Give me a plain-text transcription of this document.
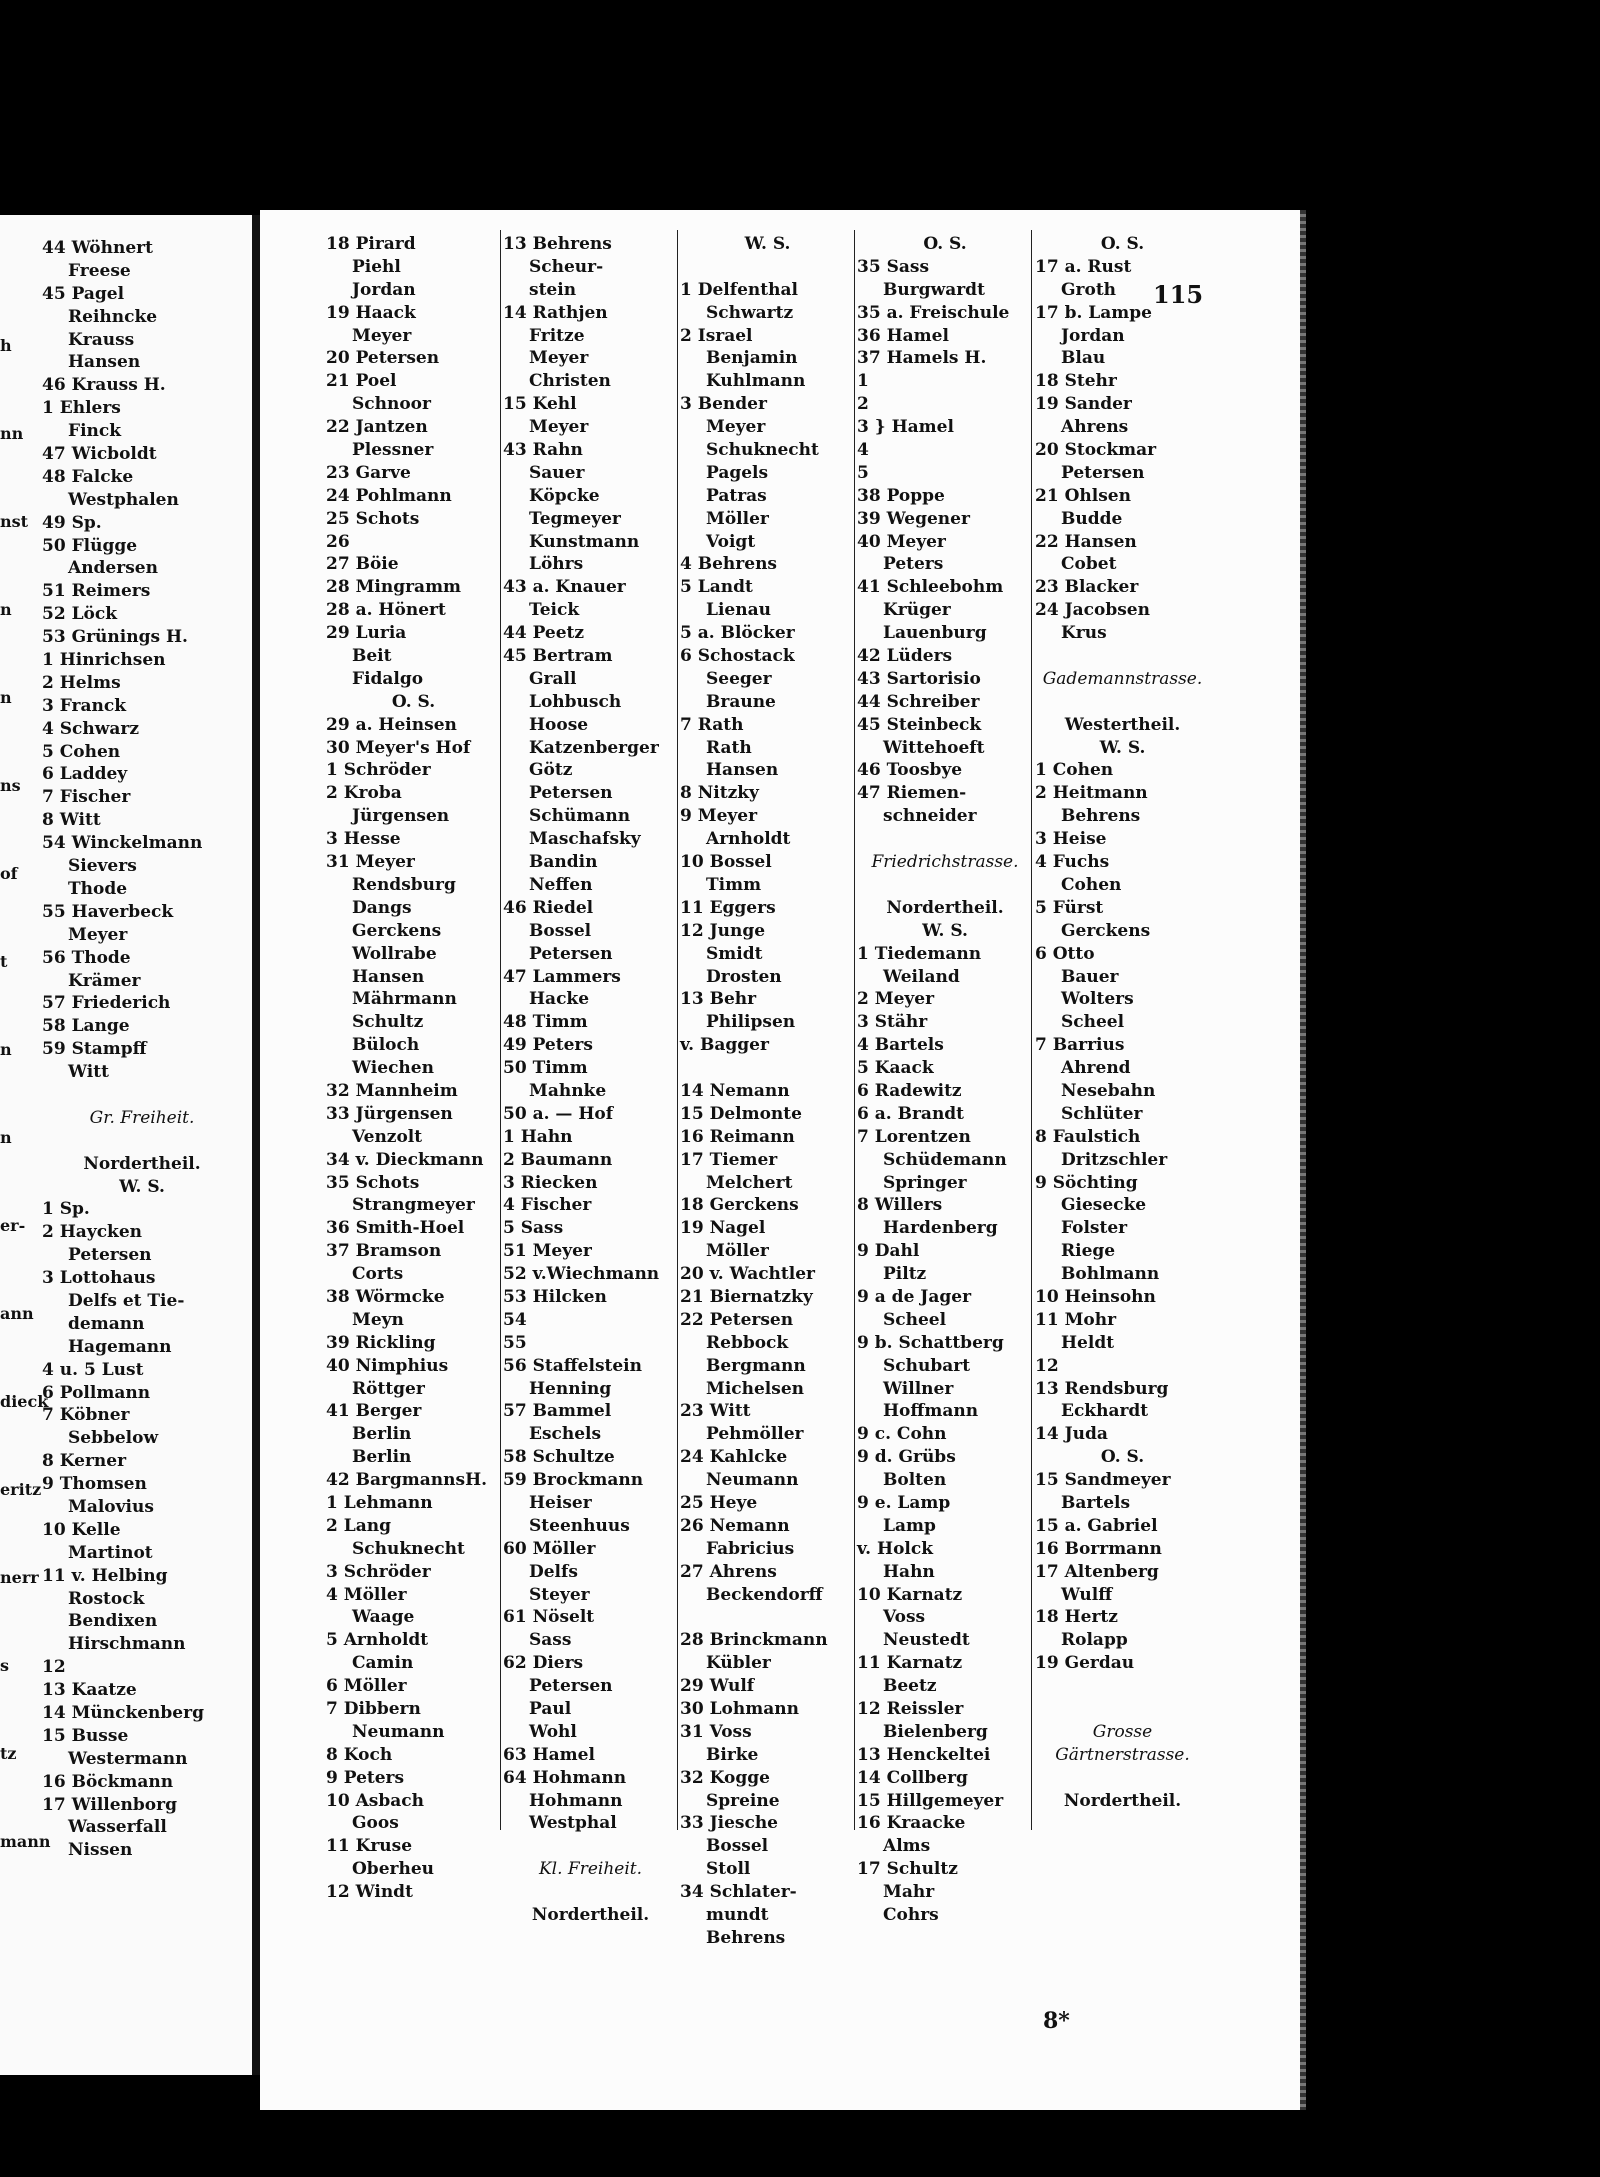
h
nn
nst
n
n
ns
of
t
n
n
er-
ann
dieck
eritz
nerr
s
tz
mann
44 Wöhnert
Freese
45 Pagel
Reihncke
Krauss
Hansen
46 Krauss H.
1 Ehlers
Finck
47 Wicboldt
48 Falcke
Westphalen
49 Sp.
50 Flügge
Andersen
51 Reimers
52 Löck
53 Grünings H.
1 Hinrichsen
2 Helms
3 Franck
4 Schwarz
5 Cohen
6 Laddey
7 Fischer
8 Witt
54 Winckelmann
Sievers
Thode
55 Haverbeck
Meyer
56 Thode
Krämer
57 Friederich
58 Lange
59 Stampff
Witt
Gr. Freiheit.
Nordertheil.
W. S.
1 Sp.
2 Haycken
Petersen
3 Lottohaus
Delfs et Tie-
demann
Hagemann
4 u. 5 Lust
6 Pollmann
7 Köbner
Sebbelow
8 Kerner
9 Thomsen
Malovius
10 Kelle
Martinot
11 v. Helbing
Rostock
Bendixen
Hirschmann
12
13 Kaatze
14 Münckenberg
15 Busse
Westermann
16 Böckmann
17 Willenborg
Wasserfall
Nissen
18 Pirard
Piehl
Jordan
19 Haack
Meyer
20 Petersen
21 Poel
Schnoor
22 Jantzen
Plessner
23 Garve
24 Pohlmann
25 Schots
26
27 Böie
28 Mingramm
28 a. Hönert
29 Luria
Beit
Fidalgo
O. S.
29 a. Heinsen
30 Meyer's Hof
1 Schröder
2 Kroba
Jürgensen
3 Hesse
31 Meyer
Rendsburg
Dangs
Gerckens
Wollrabe
Hansen
Mährmann
Schultz
Büloch
Wiechen
32 Mannheim
33 Jürgensen
Venzolt
34 v. Dieckmann
35 Schots
Strangmeyer
36 Smith-Hoel
37 Bramson
Corts
38 Wörmcke
Meyn
39 Rickling
40 Nimphius
Röttger
41 Berger
Berlin
Berlin
42 BargmannsH.
1 Lehmann
2 Lang
Schuknecht
3 Schröder
4 Möller
Waage
5 Arnholdt
Camin
6 Möller
7 Dibbern
Neumann
8 Koch
9 Peters
10 Asbach
Goos
11 Kruse
Oberheu
12 Windt
13 Behrens
Scheur-
stein
14 Rathjen
Fritze
Meyer
Christen
15 Kehl
Meyer
43 Rahn
Sauer
Köpcke
Tegmeyer
Kunstmann
Löhrs
43 a. Knauer
Teick
44 Peetz
45 Bertram
Grall
Lohbusch
Hoose
Katzenberger
Götz
Petersen
Schümann
Maschafsky
Bandin
Neffen
46 Riedel
Bossel
Petersen
47 Lammers
Hacke
48 Timm
49 Peters
50 Timm
Mahnke
50 a. — Hof
1 Hahn
2 Baumann
3 Riecken
4 Fischer
5 Sass
51 Meyer
52 v.Wiechmann
53 Hilcken
54
55
56 Staffelstein
Henning
57 Bammel
Eschels
58 Schultze
59 Brockmann
Heiser
Steenhuus
60 Möller
Delfs
Steyer
61 Nöselt
Sass
62 Diers
Petersen
Paul
Wohl
63 Hamel
64 Hohmann
Hohmann
Westphal
Kl. Freiheit.
Nordertheil.
W. S.
1 Delfenthal
Schwartz
2 Israel
Benjamin
Kuhlmann
3 Bender
Meyer
Schuknecht
Pagels
Patras
Möller
Voigt
4 Behrens
5 Landt
Lienau
5 a. Blöcker
6 Schostack
Seeger
Braune
7 Rath
Rath
Hansen
8 Nitzky
9 Meyer
Arnholdt
10 Bossel
Timm
11 Eggers
12 Junge
Smidt
Drosten
13 Behr
Philipsen
v. Bagger
14 Nemann
15 Delmonte
16 Reimann
17 Tiemer
Melchert
18 Gerckens
19 Nagel
Möller
20 v. Wachtler
21 Biernatzky
22 Petersen
Rebbock
Bergmann
Michelsen
23 Witt
Pehmöller
24 Kahlcke
Neumann
25 Heye
26 Nemann
Fabricius
27 Ahrens
Beckendorff
28 Brinckmann
Kübler
29 Wulf
30 Lohmann
31 Voss
Birke
32 Kogge
Spreine
33 Jiesche
Bossel
Stoll
34 Schlater-
mundt
Behrens
O. S.
35 Sass
Burgwardt
35 a. Freischule
36 Hamel
37 Hamels H.
1
2
3 } Hamel
4
5
38 Poppe
39 Wegener
40 Meyer
Peters
41 Schleebohm
Krüger
Lauenburg
42 Lüders
43 Sartorisio
44 Schreiber
45 Steinbeck
Wittehoeft
46 Toosbye
47 Riemen-
schneider
Friedrichstrasse.
Nordertheil.
W. S.
1 Tiedemann
Weiland
2 Meyer
3 Stähr
4 Bartels
5 Kaack
6 Radewitz
6 a. Brandt
7 Lorentzen
Schüdemann
Springer
8 Willers
Hardenberg
9 Dahl
Piltz
9 a de Jager
Scheel
9 b. Schattberg
Schubart
Willner
Hoffmann
9 c. Cohn
9 d. Grübs
Bolten
9 e. Lamp
Lamp
v. Holck
Hahn
10 Karnatz
Voss
Neustedt
11 Karnatz
Beetz
12 Reissler
Bielenberg
13 Henckeltei
14 Collberg
15 Hillgemeyer
16 Kraacke
Alms
17 Schultz
Mahr
Cohrs
O. S.
17 a. Rust
Groth
17 b. Lampe
Jordan
Blau
18 Stehr
19 Sander
Ahrens
20 Stockmar
Petersen
21 Ohlsen
Budde
22 Hansen
Cobet
23 Blacker
24 Jacobsen
Krus
Gademannstrasse.
Westertheil.
W. S.
1 Cohen
2 Heitmann
Behrens
3 Heise
4 Fuchs
Cohen
5 Fürst
Gerckens
6 Otto
Bauer
Wolters
Scheel
7 Barrius
Ahrend
Nesebahn
Schlüter
8 Faulstich
Dritzschler
9 Söchting
Giesecke
Folster
Riege
Bohlmann
10 Heinsohn
11 Mohr
Heldt
12
13 Rendsburg
Eckhardt
14 Juda
O. S.
15 Sandmeyer
Bartels
15 a. Gabriel
16 Borrmann
17 Altenberg
Wulff
18 Hertz
Rolapp
19 Gerdau
Grosse
Gärtnerstrasse.
Nordertheil.
115
8*
